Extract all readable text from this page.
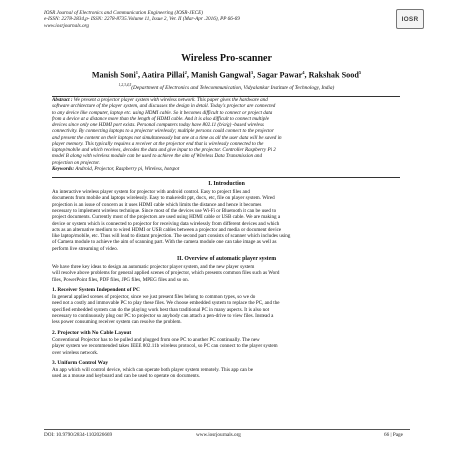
IOSR Journal of Electronics and Communication Engineering (IOSR-JECE)
e-ISSN: 2278-2834,p- ISSN: 2278-8735.Volume 11, Issue 2, Ver. II (Mar-Apr .2016), PP 66-69
www.iosrjournals.org
IOSR
Wireless Pro-scanner
Manish Soni$^1$, Aatira Pillai$^2$, Manish Gangwal$^3$, Sagar Pawar$^4$, Rakshak Sood$^5$
$^{1,2,3,4,5}$(Department of Electronics and Telecommunication, Vidyalankar Institute of Technology, India)
Abstract : We present a projector player system with wireless network. This paper gives the hardware and
software architecture of the player system, and discusses the design in detail. Today's projector are connected
to any device like computer, laptop etc. using HDMI cable. So it becomes difficult to connect or project data
from a device at a distance more than the length of HDMI cable. And it is also difficult to connect multiple
devices since only one HDMI port exists. Personal computers today have 802.11 (b/a/g) -based wireless
connectivity. By connecting laptops to a projector wirelessly; multiple persons could connect to the projector
and present the content on their laptops not simultaneously but one at a time as all the user data will be saved in
player memory. This typically requires a receiver at the projector end that is wirelessly connected to the
laptop/mobile and which receives, decodes the data and give input to the projector. Controller Raspberry Pi 2
model B along with wireless module can be used to achieve the aim of Wireless Data Transmission and
projection on projector.
Keywords: Android, Projector, Raspberry pi, Wireless, hotspot
I. Introduction
An interactive wireless player system for projector with android control. Easy to project files and
documents from mobile and laptops wirelessly. Easy to make/edit ppt, docx, etc, file on player system. Wired
projection is an issue of concern as it uses HDMI cable which limits the distance and hence it becomes
necessary to implement wireless technique. Since most of the devices use Wi-Fi or Bluetooth it can be used to
project documents. Currently most of the projectors are used using HDMI cable or USB cable. We are making a
device or system which is connected to projector for receiving data wirelessly from different devices and which
acts as an alternative medium to wired HDMI or USB cables between a projector and media or document device
like laptop/mobile, etc. Thus will lead to distant projection. The second part consists of scanner which includes using
of Camera module to achieve the aim of scanning part. With the camera module one can take image as well as
perform live streaming of video.
II. Overview of automatic player system
We have three key ideas to design an automatic projector player system, and the new player system
will resolve above problems for general applied scenes of projector, which presents common files such as Word
files, PowerPoint files, PDF files, JPG files, MPEG files and so on.
1. Receiver System Independent of PC
In general applied scenes of projector, since we just present files belong to common types, so we do
need not a costly and immovable PC to play these files. We choose embedded system to replace the PC, and the
specified embedded system can do the playing work best than traditional PC in many aspects. It is also not
necessary to continuously plug our PC to projector so anybody can attach a pen-drive to view files. Instead a
less power consuming receiver system can resolve the problem.
2. Projector with No Cable Layout
Conventional Projector has to be pulled and plugged from one PC to another PC continually. The new
player system we recommended takes IEEE 802.11b wireless protocol, so PC can connect to the player system
over wireless network.
3. Uniform Control Way
An app which will control device, which can operate both player system remotely. This app can be
used as a mouse and keyboard and can be used to operate on documents.
DOI: 10.9790/2834-1102026669	www.iosrjournals.org	66 | Page
